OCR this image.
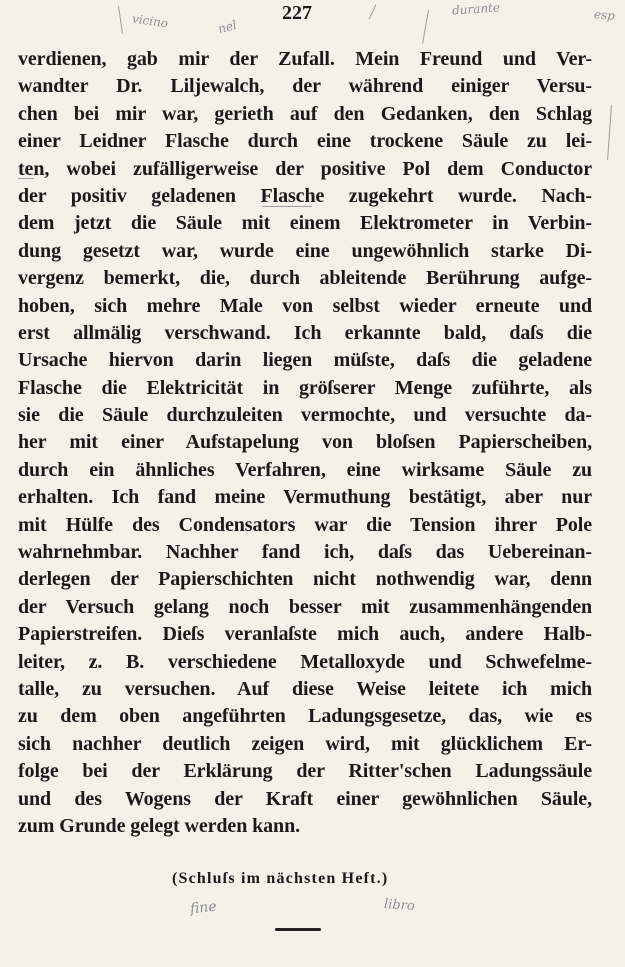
vicino	nel
durante	esp
227
verdienen, gab mir der Zufall. Mein Freund und Ver-
wandter Dr. Liljewalch, der während einiger Versu-
chen bei mir war, gerieth auf den Gedanken, den Schlag
einer Leidner Flasche durch eine trockene Säule zu lei-
ten, wobei zufälligerweise der positive Pol dem Conductor
der positiv geladenen Flasche zugekehrt wurde. Nach-
dem jetzt die Säule mit einem Elektrometer in Verbin-
dung gesetzt war, wurde eine ungewöhnlich starke Di-
vergenz bemerkt, die, durch ableitende Berührung aufge-
hoben, sich mehre Male von selbst wieder erneute und
erst allmälig verschwand. Ich erkannte bald, daſs die
Ursache hiervon darin liegen müſste, daſs die geladene
Flasche die Elektricität in gröſserer Menge zuführte, als
sie die Säule durchzuleiten vermochte, und versuchte da-
her mit einer Aufstapelung von bloſsen Papierscheiben,
durch ein ähnliches Verfahren, eine wirksame Säule zu
erhalten. Ich fand meine Vermuthung bestätigt, aber nur
mit Hülfe des Condensators war die Tension ihrer Pole
wahrnehmbar. Nachher fand ich, daſs das Uebereinan-
derlegen der Papierschichten nicht nothwendig war, denn
der Versuch gelang noch besser mit zusammenhängenden
Papierstreifen. Dieſs veranlaſste mich auch, andere Halb-
leiter, z. B. verschiedene Metalloxyde und Schwefelme-
talle, zu versuchen. Auf diese Weise leitete ich mich
zu dem oben angeführten Ladungsgesetze, das, wie es
sich nachher deutlich zeigen wird, mit glücklichem Er-
folge bei der Erklärung der Ritter'schen Ladungssäule
und des Wogens der Kraft einer gewöhnlichen Säule,
zum Grunde gelegt werden kann.
(Schluſs im nächsten Heft.)
fine	libro
